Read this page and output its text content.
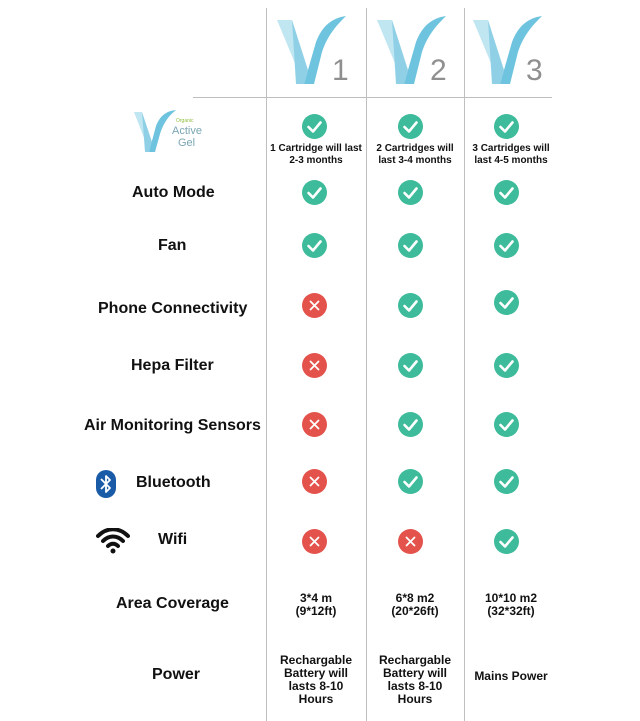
1	2	3
Organic
Active
Gel
Auto Mode
Fan
Phone Connectivity
Hepa Filter
Air Monitoring Sensors
Bluetooth
Wifi
Area Coverage
Power
1 Cartridge will last 2-3 months
2 Cartridges will last 3-4 months
3 Cartridges will last 4-5 months
3*4 m
(9*12ft)
6*8 m2
(20*26ft)
10*10 m2
(32*32ft)
Rechargable Battery will lasts 8-10 Hours
Rechargable Battery will lasts 8-10 Hours
Mains Power
